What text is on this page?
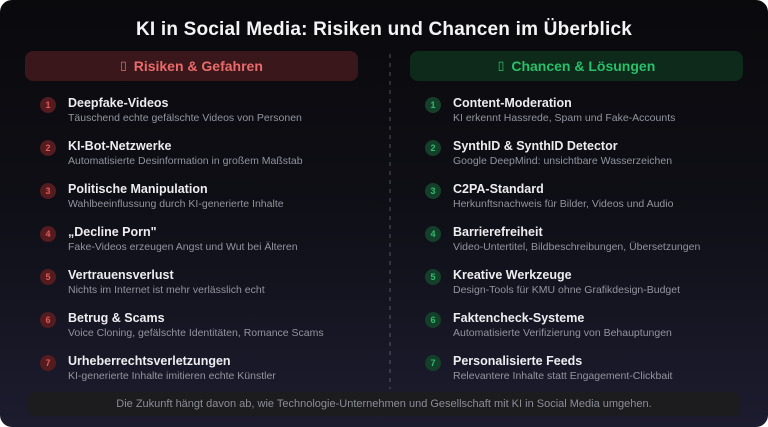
KI in Social Media: Risiken und Chancen im Überblick
▯ Risiken & Gefahren
1	Deepfake-Videos
Täuschend echte gefälschte Videos von Personen
2	KI-Bot-Netzwerke
Automatisierte Desinformation in großem Maßstab
3	Politische Manipulation
Wahlbeeinflussung durch KI-generierte Inhalte
4	„Decline Porn"
Fake-Videos erzeugen Angst und Wut bei Älteren
5	Vertrauensverlust
Nichts im Internet ist mehr verlässlich echt
6	Betrug & Scams
Voice Cloning, gefälschte Identitäten, Romance Scams
7	Urheberrechtsverletzungen
KI-generierte Inhalte imitieren echte Künstler
▯ Chancen & Lösungen
1	Content-Moderation
KI erkennt Hassrede, Spam und Fake-Accounts
2	SynthID & SynthID Detector
Google DeepMind: unsichtbare Wasserzeichen
3	C2PA-Standard
Herkunftsnachweis für Bilder, Videos und Audio
4	Barrierefreiheit
Video-Untertitel, Bildbeschreibungen, Übersetzungen
5	Kreative Werkzeuge
Design-Tools für KMU ohne Grafikdesign-Budget
6	Faktencheck-Systeme
Automatisierte Verifizierung von Behauptungen
7	Personalisierte Feeds
Relevantere Inhalte statt Engagement-Clickbait
Die Zukunft hängt davon ab, wie Technologie-Unternehmen und Gesellschaft mit KI in Social Media umgehen.
